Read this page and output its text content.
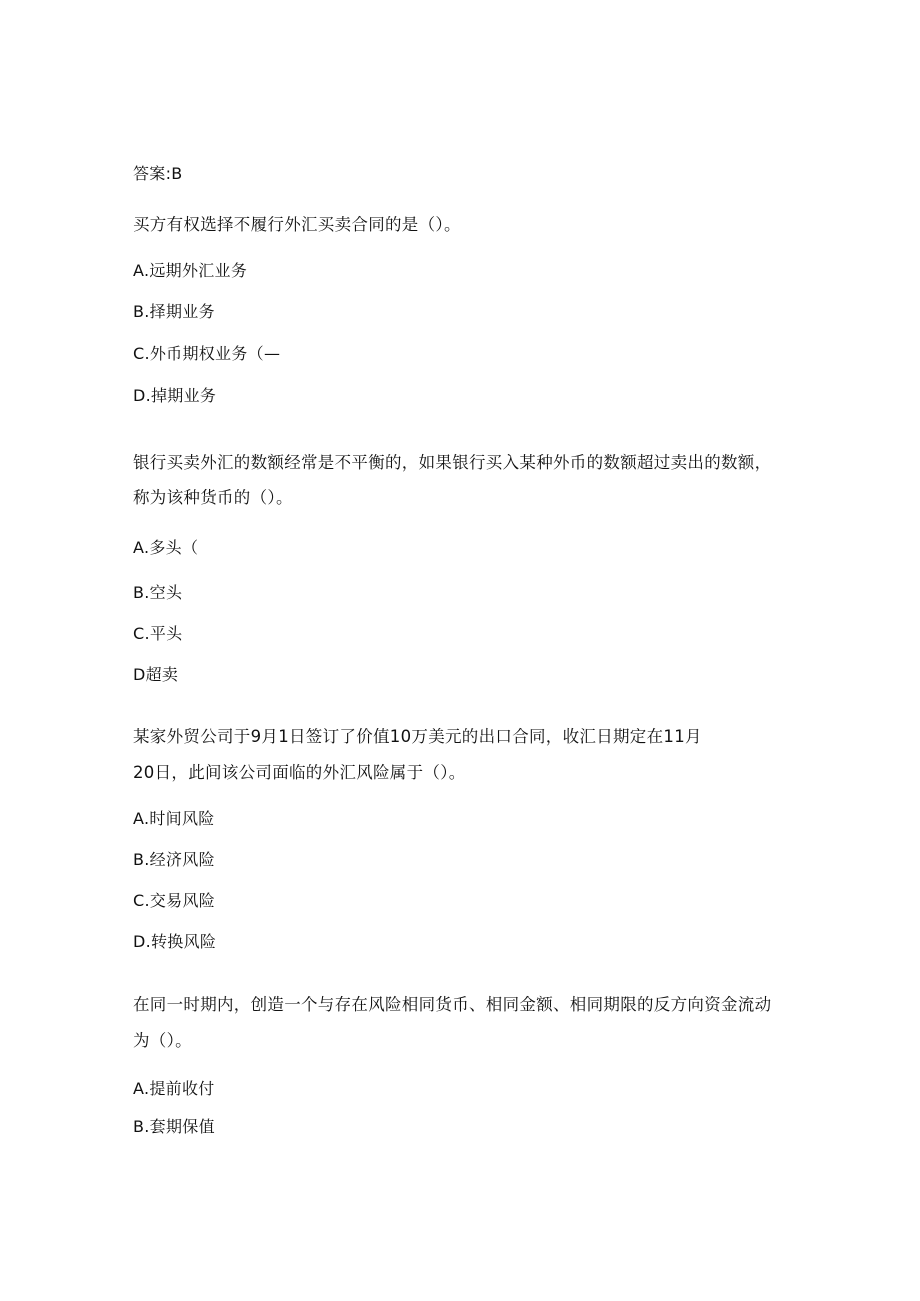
答案:B
买方有权选择不履行外汇买卖合同的是（）。
A.远期外汇业务
B.择期业务
C.外币期权业务（—
D.掉期业务
银行买卖外汇的数额经常是不平衡的，如果银行买入某种外币的数额超过卖出的数额，
称为该种货币的（）。
A.多头（
B.空头
C.平头
D超卖
某家外贸公司于9月1日签订了价值10万美元的出口合同，收汇日期定在11月
20日，此间该公司面临的外汇风险属于（）。
A.时间风险
B.经济风险
C.交易风险
D.转换风险
在同一时期内，创造一个与存在风险相同货币、相同金额、相同期限的反方向资金流动
为（）。
A.提前收付
B.套期保值
